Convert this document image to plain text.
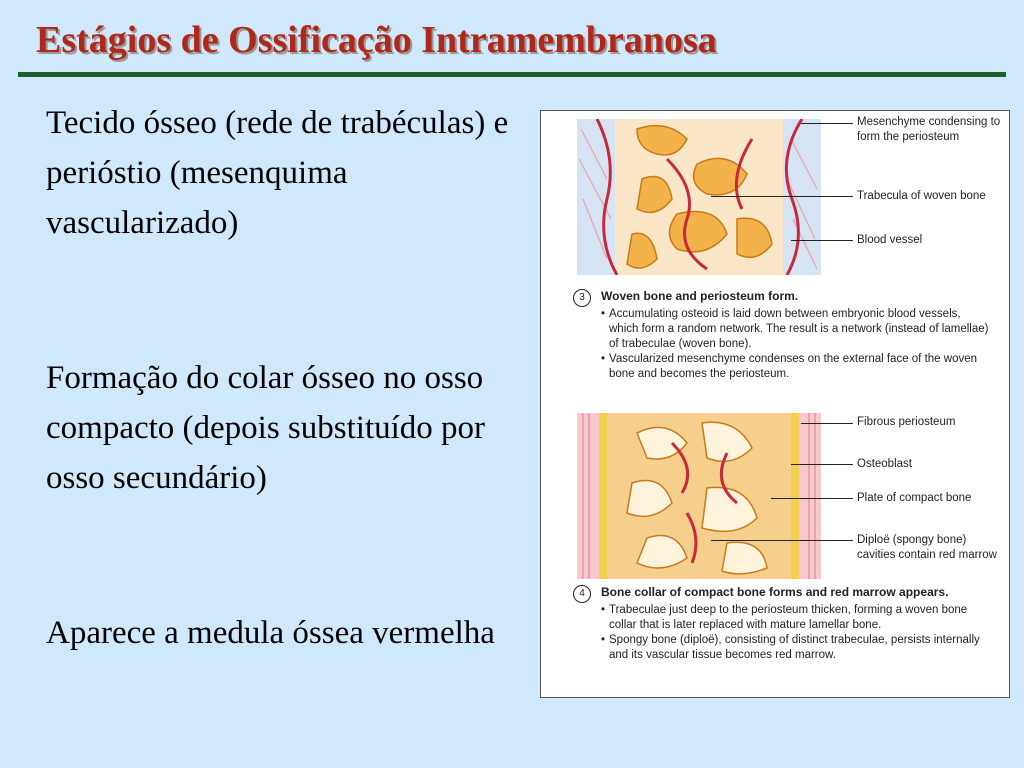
Estágios de Ossificação Intramembranosa

Tecido ósseo (rede de trabéculas) e perióstio (mesenquima vascularizado)

Formação do colar ósseo no osso compacto (depois substituído por osso secundário)

Aparece a medula óssea vermelha

Mesenchyme condensing to form the periosteum
Trabecula of woven bone
Blood vessel
3	Woven bone and periosteum form.
• Accumulating osteoid is laid down between embryonic blood vessels, which form a random network. The result is a network (instead of lamellae) of trabeculae (woven bone).
• Vascularized mesenchyme condenses on the external face of the woven bone and becomes the periosteum.
Fibrous periosteum
Osteoblast
Plate of compact bone
Diploë (spongy bone) cavities contain red marrow
4	Bone collar of compact bone forms and red marrow appears.
• Trabeculae just deep to the periosteum thicken, forming a woven bone collar that is later replaced with mature lamellar bone.
• Spongy bone (diploë), consisting of distinct trabeculae, persists internally and its vascular tissue becomes red marrow.
